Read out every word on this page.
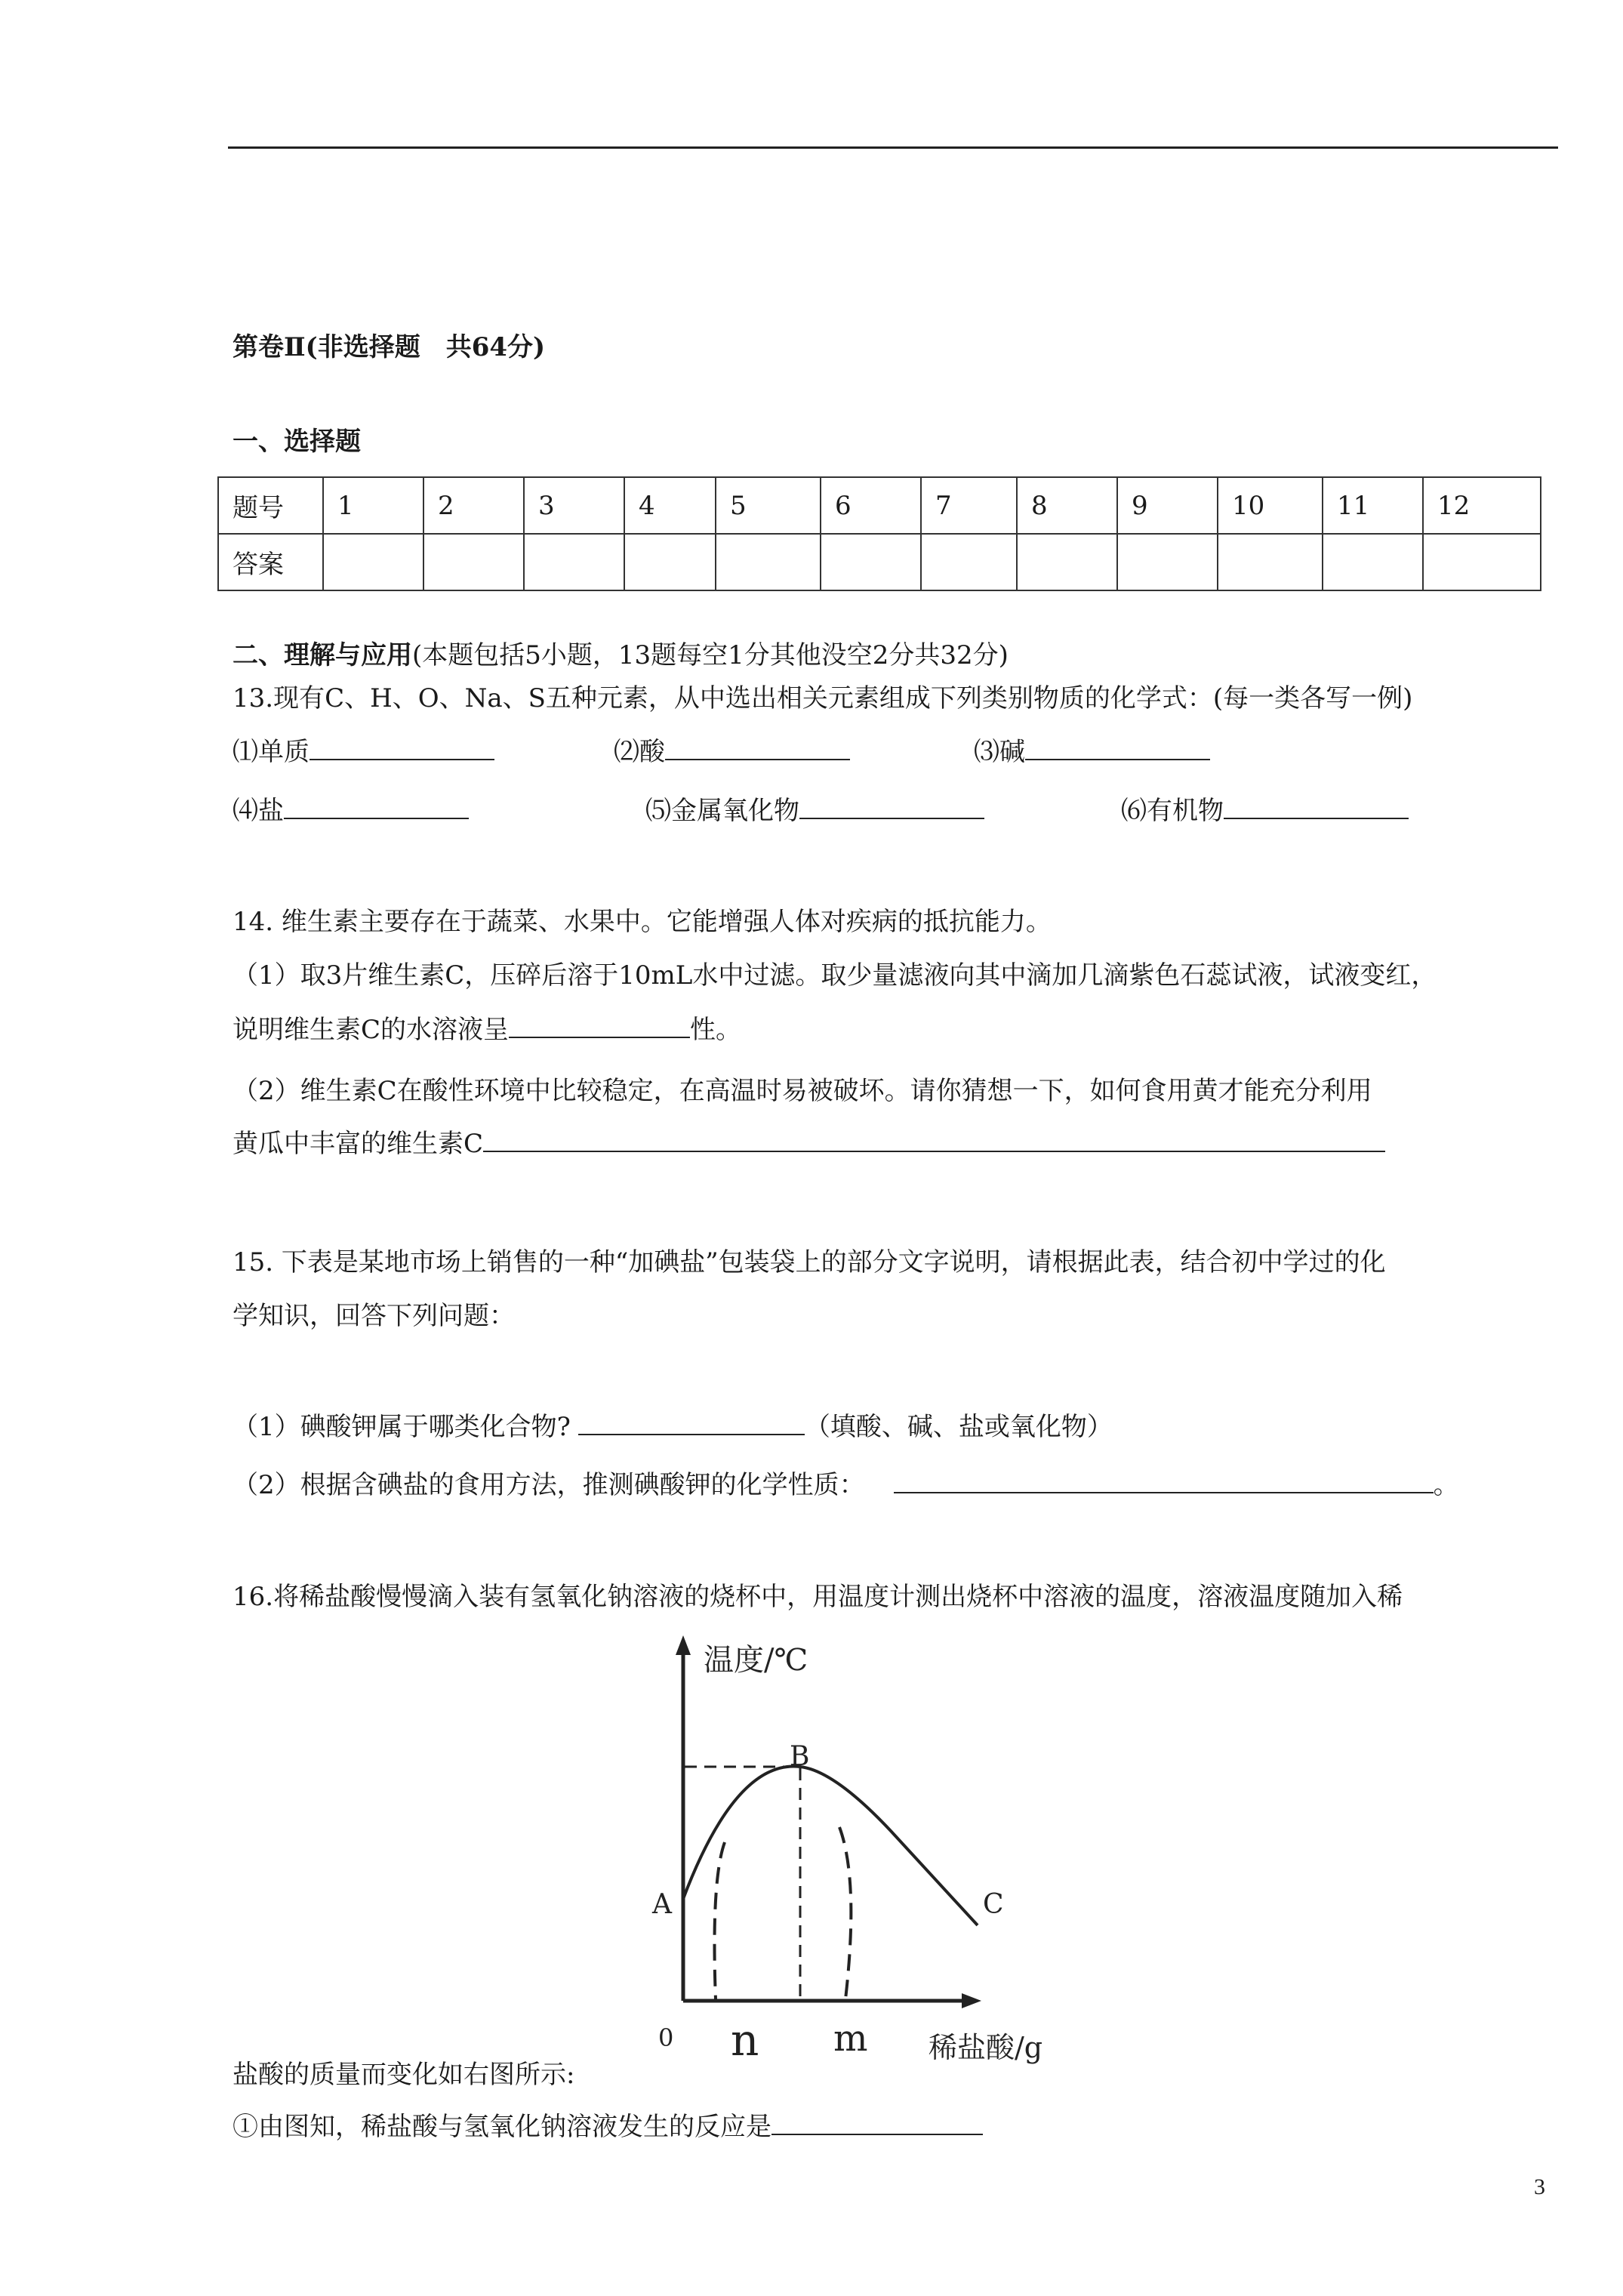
第卷Ⅱ(非选择题　共64分)
一、选择题
题号	1	2	3	4	5	6	7	8	9	10	11	12
答案												
二、理解与应用(本题包括5小题，13题每空1分其他没空2分共32分)
13.现有C、H、O、Na、S五种元素，从中选出相关元素组成下列类别物质的化学式：(每一类各写一例)
⑴单质	⑵酸	⑶碱
⑷盐	⑸金属氧化物	⑹有机物
14. 维生素主要存在于蔬菜、水果中。它能增强人体对疾病的抵抗能力。
（1）取3片维生素C，压碎后溶于10mL水中过滤。取少量滤液向其中滴加几滴紫色石蕊试液，试液变红，
说明维生素C的水溶液呈	性。
（2）维生素C在酸性环境中比较稳定，在高温时易被破坏。请你猜想一下，如何食用黄才能充分利用
黄瓜中丰富的维生素C
15. 下表是某地市场上销售的一种“加碘盐”包装袋上的部分文字说明，请根据此表，结合初中学过的化
学知识，回答下列问题：
（1）碘酸钾属于哪类化合物?	（填酸、碱、盐或氧化物）
（2）根据含碘盐的食用方法，推测碘酸钾的化学性质：	。
16.将稀盐酸慢慢滴入装有氢氧化钠溶液的烧杯中，用温度计测出烧杯中溶液的温度，溶液温度随加入稀
温度/℃
稀盐酸/g
0 n m
A
B
C
盐酸的质量而变化如右图所示:
①由图知，稀盐酸与氢氧化钠溶液发生的反应是
3
